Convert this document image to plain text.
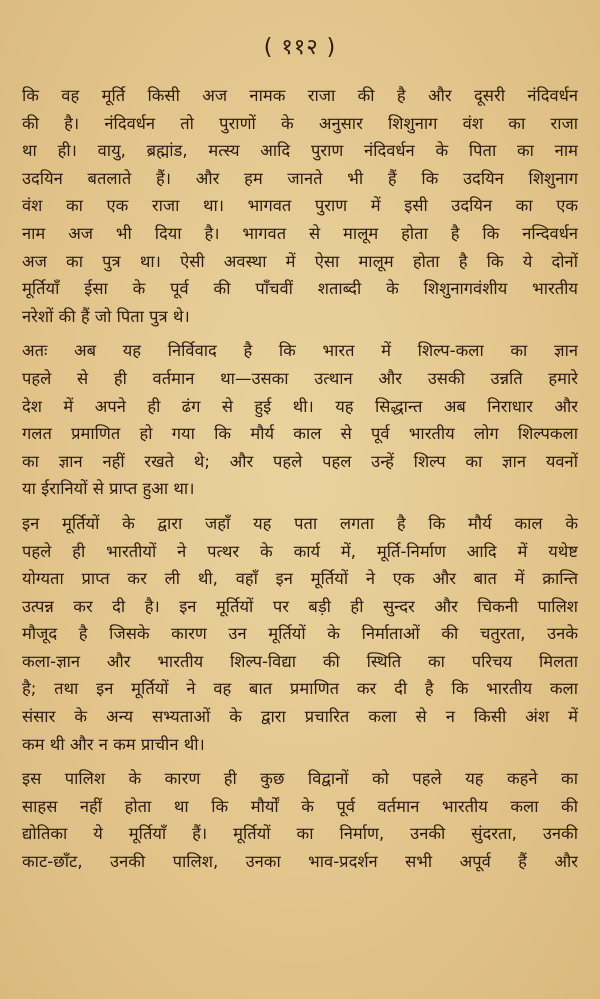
( ११२ )
कि वह मूर्ति किसी अज नामक राजा की है और दूसरी नंदिवर्धन
की है। नंदिवर्धन तो पुराणों के अनुसार शिशुनाग वंश का राजा
था ही। वायु, ब्रह्मांड, मत्स्य आदि पुराण नंदिवर्धन के पिता का नाम
उदयिन बतलाते हैं। और हम जानते भी हैं कि उदयिन शिशुनाग
वंश का एक राजा था। भागवत पुराण में इसी उदयिन का एक
नाम अज भी दिया है। भागवत से मालूम होता है कि नन्दिवर्धन
अज का पुत्र था। ऐसी अवस्था में ऐसा मालूम होता है कि ये दोनों
मूर्तियाँ ईसा के पूर्व की पाँचवीं शताब्दी के शिशुनागवंशीय भारतीय
नरेशों की हैं जो पिता पुत्र थे।
अतः अब यह निर्विवाद है कि भारत में शिल्प-कला का ज्ञान
पहले से ही वर्तमान था—उसका उत्थान और उसकी उन्नति हमारे
देश में अपने ही ढंग से हुई थी। यह सिद्धान्त अब निराधार और
गलत प्रमाणित हो गया कि मौर्य काल से पूर्व भारतीय लोग शिल्पकला
का ज्ञान नहीं रखते थे; और पहले पहल उन्हें शिल्प का ज्ञान यवनों
या ईरानियों से प्राप्त हुआ था।
इन मूर्तियों के द्वारा जहाँ यह पता लगता है कि मौर्य काल के
पहले ही भारतीयों ने पत्थर के कार्य में, मूर्ति-निर्माण आदि में यथेष्ट
योग्यता प्राप्त कर ली थी, वहाँ इन मूर्तियों ने एक और बात में क्रान्ति
उत्पन्न कर दी है। इन मूर्तियों पर बड़ी ही सुन्दर और चिकनी पालिश
मौजूद है जिसके कारण उन मूर्तियों के निर्माताओं की चतुरता, उनके
कला-ज्ञान और भारतीय शिल्प-विद्या की स्थिति का परिचय मिलता
है; तथा इन मूर्तियों ने वह बात प्रमाणित कर दी है कि भारतीय कला
संसार के अन्य सभ्यताओं के द्वारा प्रचारित कला से न किसी अंश में
कम थी और न कम प्राचीन थी।
इस पालिश के कारण ही कुछ विद्वानों को पहले यह कहने का
साहस नहीं होता था कि मौर्यों के पूर्व वर्तमान भारतीय कला की
द्योतिका ये मूर्तियाँ हैं। मूर्तियों का निर्माण, उनकी सुंदरता, उनकी
काट-छाँट, उनकी पालिश, उनका भाव-प्रदर्शन सभी अपूर्व हैं और
